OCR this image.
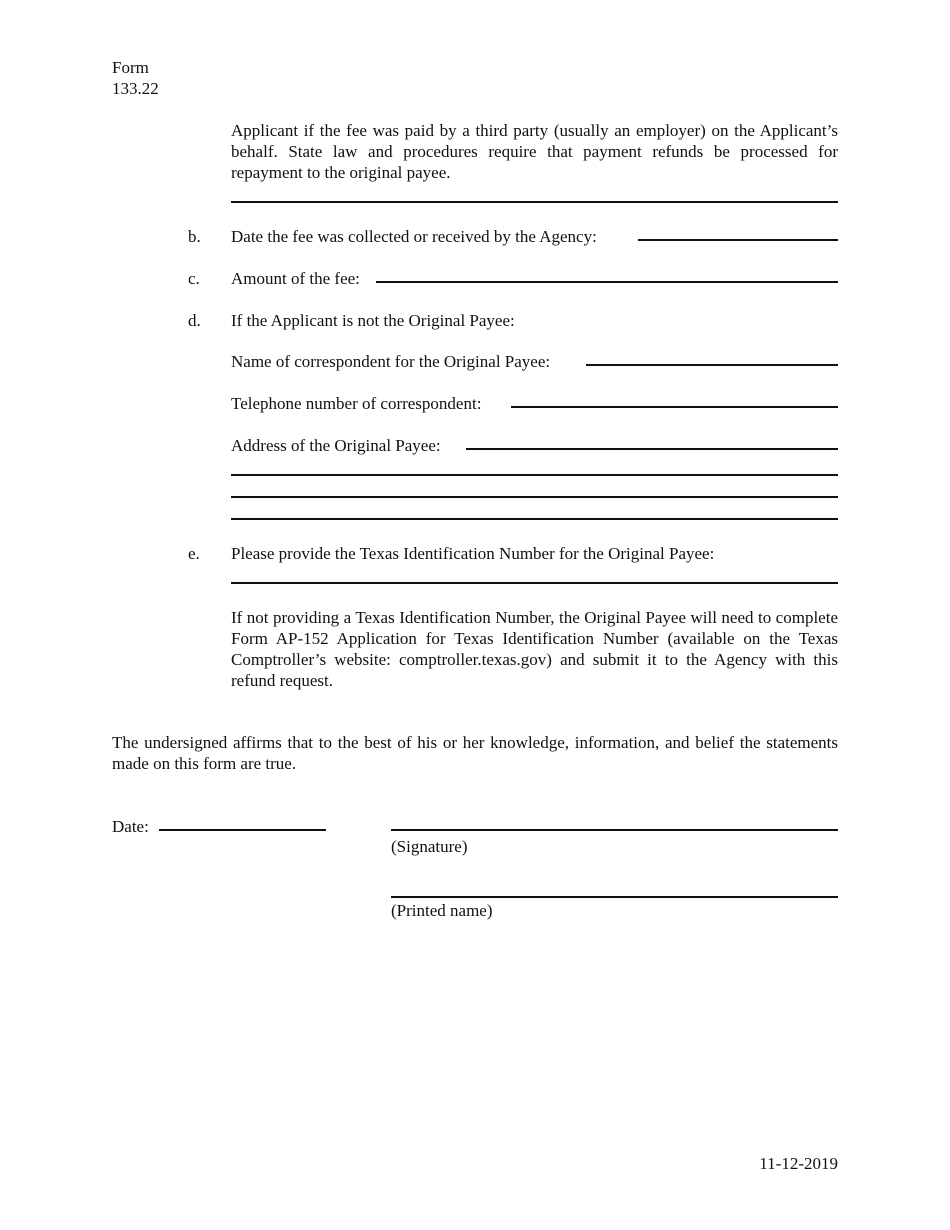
Form
133.22
Applicant if the fee was paid by a third party (usually an employer) on the Applicant’s behalf. State law and procedures require that payment refunds be processed for repayment to the original payee.
b. Date the fee was collected or received by the Agency:
c. Amount of the fee:
d. If the Applicant is not the Original Payee:
Name of correspondent for the Original Payee:
Telephone number of correspondent:
Address of the Original Payee:
e. Please provide the Texas Identification Number for the Original Payee:
If not providing a Texas Identification Number, the Original Payee will need to complete Form AP-152 Application for Texas Identification Number (available on the Texas Comptroller’s website: comptroller.texas.gov) and submit it to the Agency with this refund request.
The undersigned affirms that to the best of his or her knowledge, information, and belief the statements made on this form are true.
Date:
(Signature)
(Printed name)
11-12-2019
